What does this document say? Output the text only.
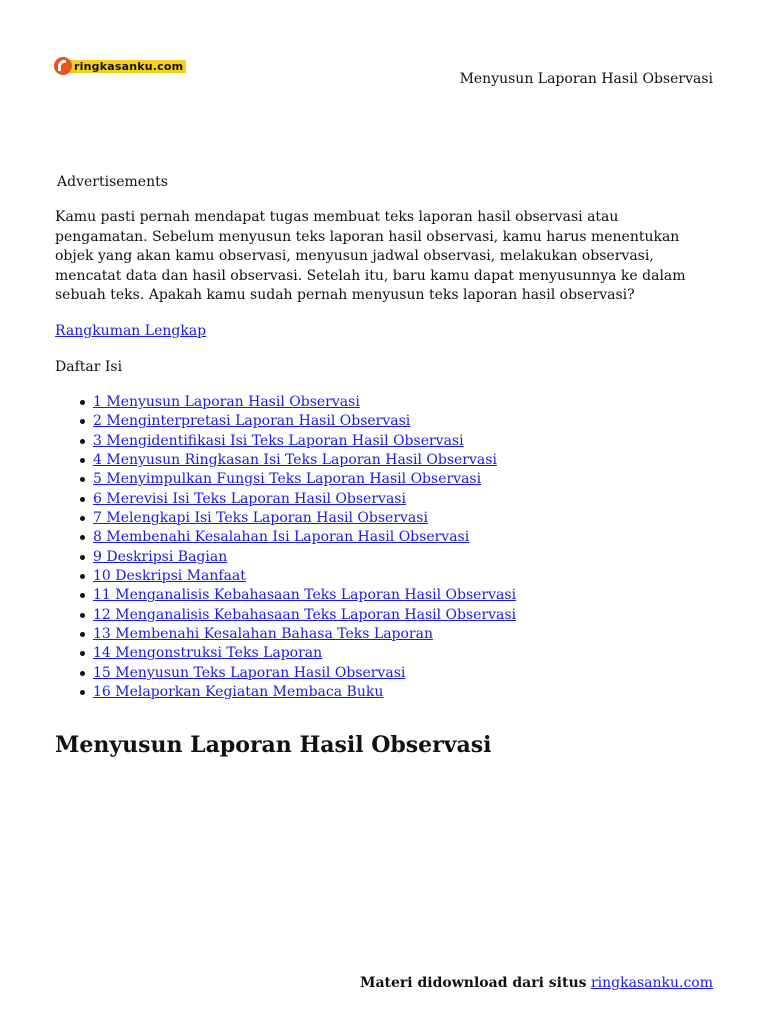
ringkasanku.com
Menyusun Laporan Hasil Observasi
Advertisements

Kamu pasti pernah mendapat tugas membuat teks laporan hasil observasi atau pengamatan. Sebelum menyusun teks laporan hasil observasi, kamu harus menentukan objek yang akan kamu observasi, menyusun jadwal observasi, melakukan observasi, mencatat data dan hasil observasi. Setelah itu, baru kamu dapat menyusunnya ke dalam sebuah teks. Apakah kamu sudah pernah menyusun teks laporan hasil observasi?

Rangkuman Lengkap
Daftar Isi
1 Menyusun Laporan Hasil Observasi
2 Menginterpretasi Laporan Hasil Observasi
3 Mengidentifikasi Isi Teks Laporan Hasil Observasi
4 Menyusun Ringkasan Isi Teks Laporan Hasil Observasi
5 Menyimpulkan Fungsi Teks Laporan Hasil Observasi
6 Merevisi Isi Teks Laporan Hasil Observasi
7 Melengkapi Isi Teks Laporan Hasil Observasi
8 Membenahi Kesalahan Isi Laporan Hasil Observasi
9 Deskripsi Bagian
10 Deskripsi Manfaat
11 Menganalisis Kebahasaan Teks Laporan Hasil Observasi
12 Menganalisis Kebahasaan Teks Laporan Hasil Observasi
13 Membenahi Kesalahan Bahasa Teks Laporan
14 Mengonstruksi Teks Laporan
15 Menyusun Teks Laporan Hasil Observasi
16 Melaporkan Kegiatan Membaca Buku
Menyusun Laporan Hasil Observasi
Materi didownload dari situs ringkasanku.com
